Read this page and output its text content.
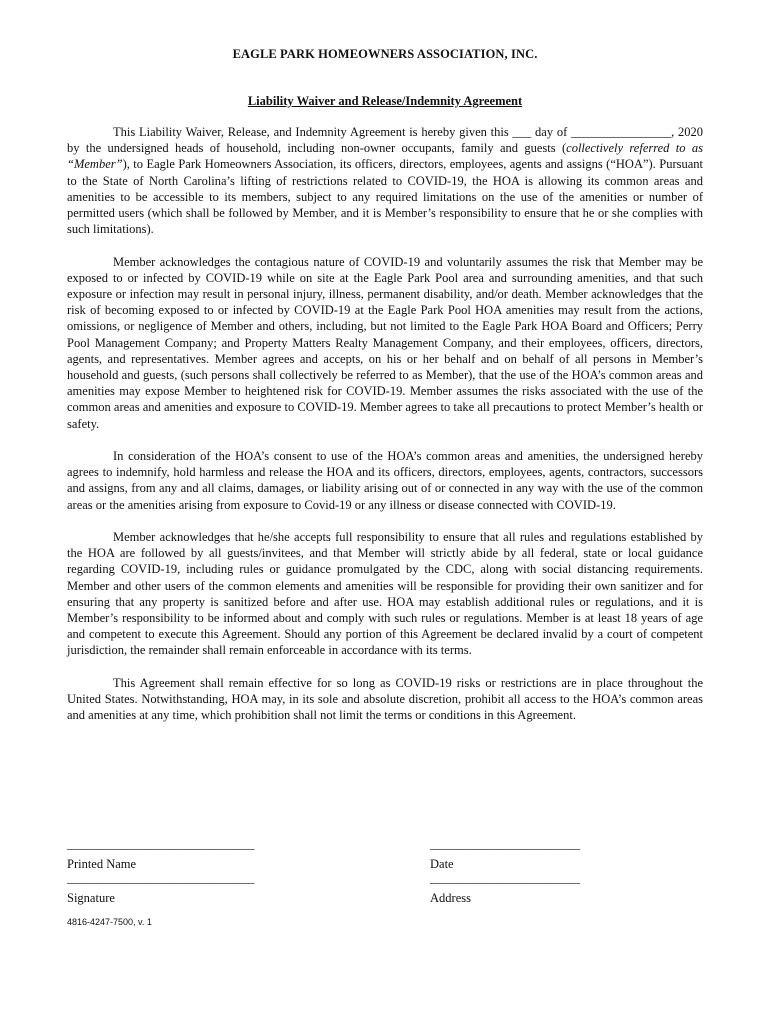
EAGLE PARK HOMEOWNERS ASSOCIATION, INC.
Liability Waiver and Release/Indemnity Agreement

This Liability Waiver, Release, and Indemnity Agreement is hereby given this ___ day of ________________, 2020 by the undersigned heads of household, including non-owner occupants, family and guests (collectively referred to as “Member”), to Eagle Park Homeowners Association, its officers, directors, employees, agents and assigns (“HOA”). Pursuant to the State of North Carolina’s lifting of restrictions related to COVID-19, the HOA is allowing its common areas and amenities to be accessible to its members, subject to any required limitations on the use of the amenities or number of permitted users (which shall be followed by Member, and it is Member’s responsibility to ensure that he or she complies with such limitations).

Member acknowledges the contagious nature of COVID-19 and voluntarily assumes the risk that Member may be exposed to or infected by COVID-19 while on site at the Eagle Park Pool area and surrounding amenities, and that such exposure or infection may result in personal injury, illness, permanent disability, and/or death. Member acknowledges that the risk of becoming exposed to or infected by COVID-19 at the Eagle Park Pool HOA amenities may result from the actions, omissions, or negligence of Member and others, including, but not limited to the Eagle Park HOA Board and Officers; Perry Pool Management Company; and Property Matters Realty Management Company, and their employees, officers, directors, agents, and representatives. Member agrees and accepts, on his or her behalf and on behalf of all persons in Member’s household and guests, (such persons shall collectively be referred to as Member), that the use of the HOA’s common areas and amenities may expose Member to heightened risk for COVID-19. Member assumes the risks associated with the use of the common areas and amenities and exposure to COVID-19. Member agrees to take all precautions to protect Member’s health or safety.

In consideration of the HOA’s consent to use of the HOA’s common areas and amenities, the undersigned hereby agrees to indemnify, hold harmless and release the HOA and its officers, directors, employees, agents, contractors, successors and assigns, from any and all claims, damages, or liability arising out of or connected in any way with the use of the common areas or the amenities arising from exposure to Covid-19 or any illness or disease connected with COVID-19.

Member acknowledges that he/she accepts full responsibility to ensure that all rules and regulations established by the HOA are followed by all guests/invitees, and that Member will strictly abide by all federal, state or local guidance regarding COVID-19, including rules or guidance promulgated by the CDC, along with social distancing requirements. Member and other users of the common elements and amenities will be responsible for providing their own sanitizer and for ensuring that any property is sanitized before and after use. HOA may establish additional rules or regulations, and it is Member’s responsibility to be informed about and comply with such rules or regulations. Member is at least 18 years of age and competent to execute this Agreement. Should any portion of this Agreement be declared invalid by a court of competent jurisdiction, the remainder shall remain enforceable in accordance with its terms.

This Agreement shall remain effective for so long as COVID-19 risks or restrictions are in place throughout the United States. Notwithstanding, HOA may, in its sole and absolute discretion, prohibit all access to the HOA’s common areas and amenities at any time, which prohibition shall not limit the terms or conditions in this Agreement.

______________________________
Printed Name
________________________
Date
______________________________
Signature
________________________
Address
4816-4247-7500, v. 1
